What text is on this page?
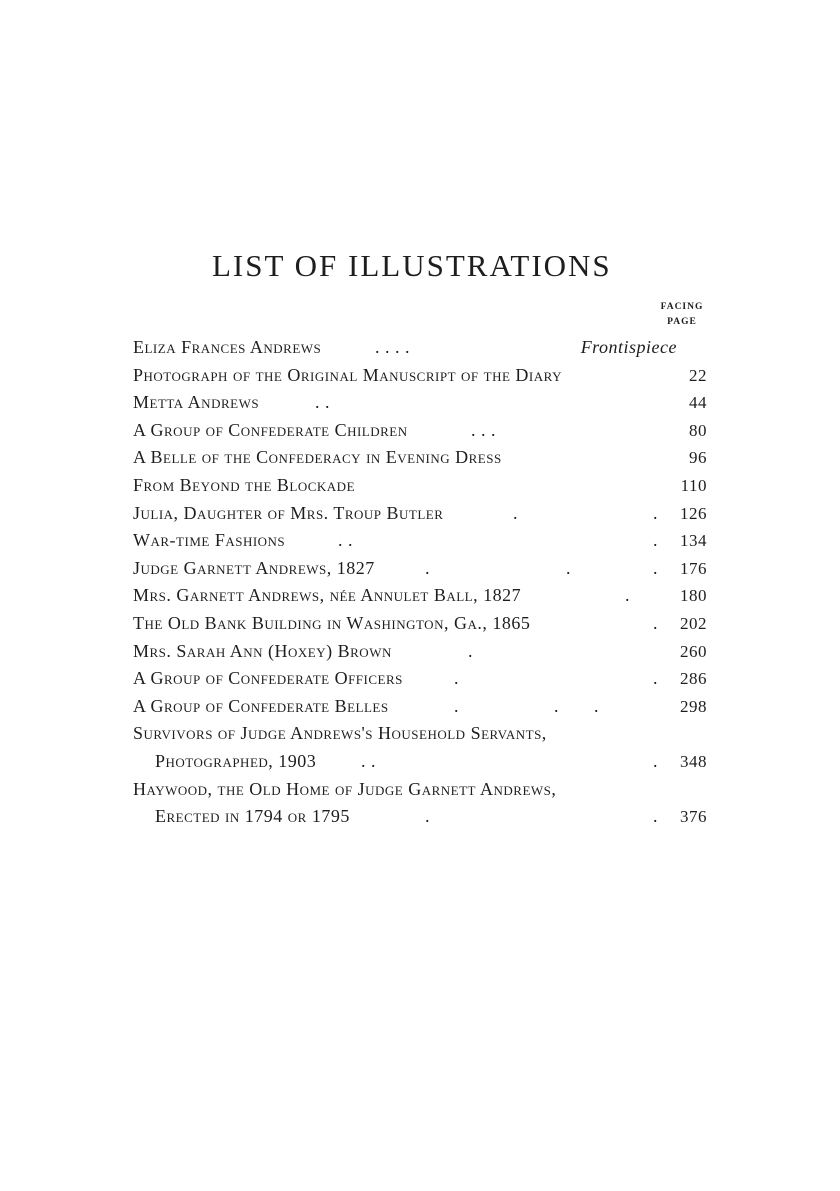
LIST OF ILLUSTRATIONS
FACING
PAGE
Eliza Frances Andrews	. . . .	Frontispiece
Photograph of the Original Manuscript of the Diary	22
Metta Andrews	. .	44
A Group of Confederate Children	. . .	80
A Belle of the Confederacy in Evening Dress	96
From Beyond the Blockade	110
Julia, Daughter of Mrs. Troup Butler	.	. 126
War-time Fashions	. .	. 134
Judge Garnett Andrews, 1827	.	.	. 176
Mrs. Garnett Andrews, née Annulet Ball, 1827	.	180
The Old Bank Building in Washington, Ga., 1865	. 202
Mrs. Sarah Ann (Hoxey) Brown	.	260
A Group of Confederate Officers	.	. 286
A Group of Confederate Belles	.	.       .	298
Survivors of Judge Andrews's Household Servants,
Photographed, 1903 . .	. 348
Haywood, the Old Home of Judge Garnett Andrews,
Erected in 1794 or 1795	.	. 376
